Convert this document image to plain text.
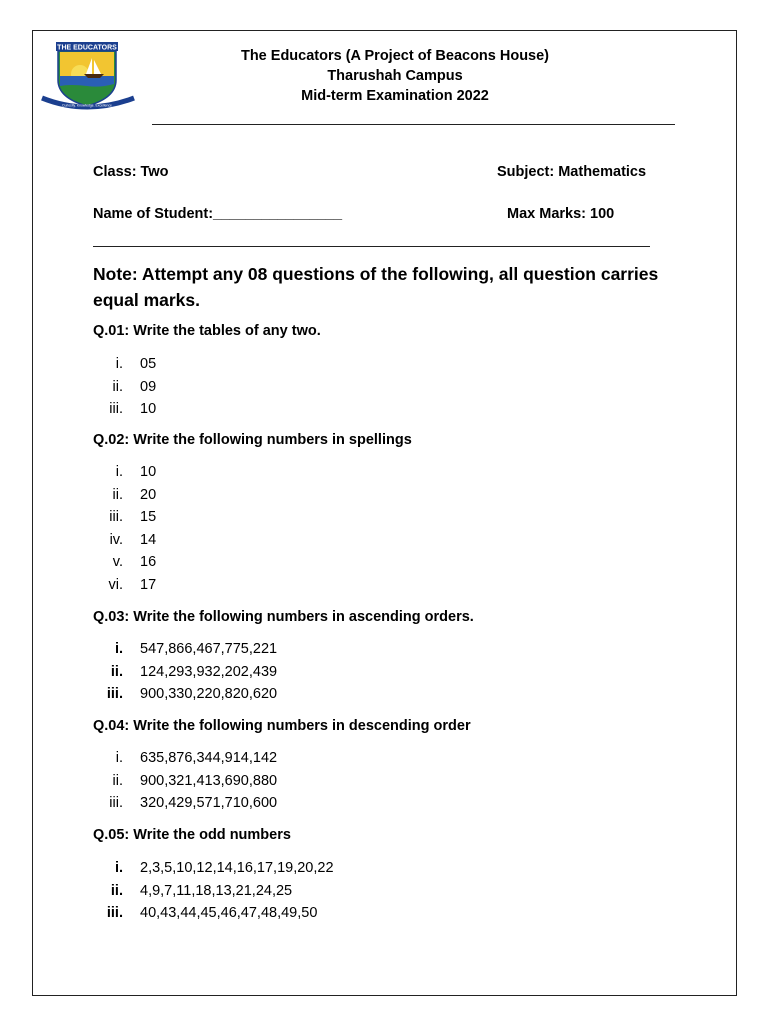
THE EDUCATORS
Curiosity. Knowledge. Excellence
The Educators (A Project of Beacons House)
Tharushah Campus
Mid-term Examination 2022
Class: Two	Subject: Mathematics
Name of Student:________________	Max Marks: 100
Note: Attempt any 08 questions of the following, all question carries equal marks.
Q.01: Write the tables of any two.
i. 05
ii. 09
iii. 10
Q.02: Write the following numbers in spellings
i. 10
ii. 20
iii. 15
iv. 14
v. 16
vi. 17
Q.03: Write the following numbers in ascending orders.
i. 547,866,467,775,221
ii. 124,293,932,202,439
iii. 900,330,220,820,620
Q.04: Write the following numbers in descending order
i. 635,876,344,914,142
ii. 900,321,413,690,880
iii. 320,429,571,710,600
Q.05: Write the odd numbers
i. 2,3,5,10,12,14,16,17,19,20,22
ii. 4,9,7,11,18,13,21,24,25
iii. 40,43,44,45,46,47,48,49,50
